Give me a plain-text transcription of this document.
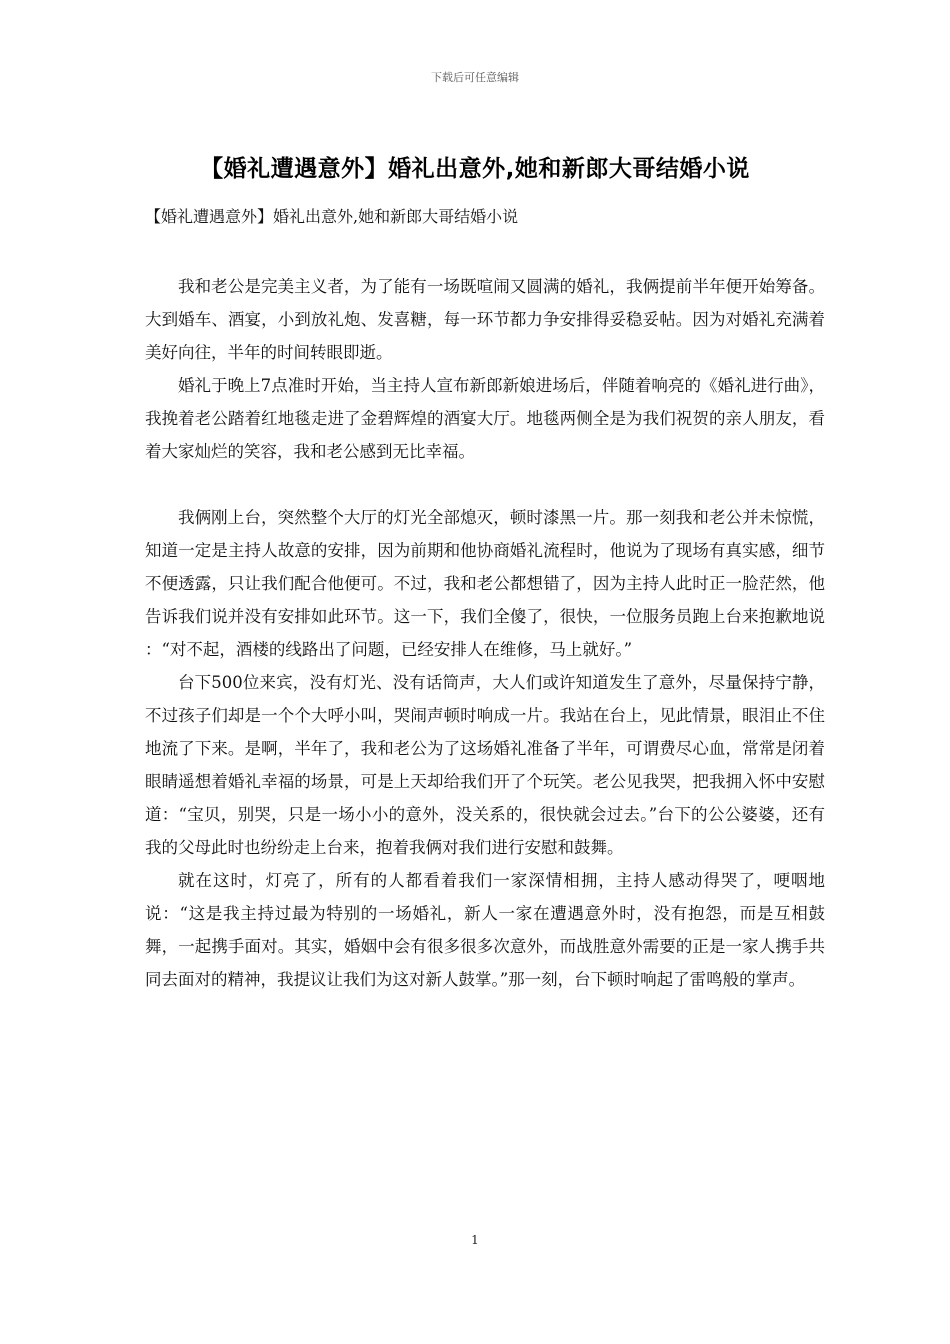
下载后可任意编辑
【婚礼遭遇意外】婚礼出意外,她和新郎大哥结婚小说
【婚礼遭遇意外】婚礼出意外,她和新郎大哥结婚小说

我和老公是完美主义者，为了能有一场既喧闹又圆满的婚礼，我俩提前半年便开始筹备。大到婚车、酒宴，小到放礼炮、发喜糖，每一环节都力争安排得妥稳妥帖。因为对婚礼充满着美好向往，半年的时间转眼即逝。

婚礼于晚上7点准时开始，当主持人宣布新郎新娘进场后，伴随着响亮的《婚礼进行曲》，我挽着老公踏着红地毯走进了金碧辉煌的酒宴大厅。地毯两侧全是为我们祝贺的亲人朋友，看着大家灿烂的笑容，我和老公感到无比幸福。

我俩刚上台，突然整个大厅的灯光全部熄灭，顿时漆黑一片。那一刻我和老公并未惊慌，知道一定是主持人故意的安排，因为前期和他协商婚礼流程时，他说为了现场有真实感，细节不便透露，只让我们配合他便可。不过，我和老公都想错了，因为主持人此时正一脸茫然，他告诉我们说并没有安排如此环节。这一下，我们全傻了，很快，一位服务员跑上台来抱歉地说 ：“对不起，酒楼的线路出了问题，已经安排人在维修，马上就好。”

台下500位来宾，没有灯光、没有话筒声，大人们或许知道发生了意外，尽量保持宁静，不过孩子们却是一个个大呼小叫，哭闹声顿时响成一片。我站在台上，见此情景，眼泪止不住地流了下来。是啊，半年了，我和老公为了这场婚礼准备了半年，可谓费尽心血，常常是闭着眼睛遥想着婚礼幸福的场景，可是上天却给我们开了个玩笑。老公见我哭，把我拥入怀中安慰道：“宝贝，别哭，只是一场小小的意外，没关系的，很快就会过去。”台下的公公婆婆，还有我的父母此时也纷纷走上台来，抱着我俩对我们进行安慰和鼓舞。

就在这时，灯亮了，所有的人都看着我们一家深情相拥，主持人感动得哭了，哽咽地说：“这是我主持过最为特别的一场婚礼，新人一家在遭遇意外时，没有抱怨，而是互相鼓舞，一起携手面对。其实，婚姻中会有很多很多次意外，而战胜意外需要的正是一家人携手共同去面对的精神，我提议让我们为这对新人鼓掌。”那一刻，台下顿时响起了雷鸣般的掌声。

1
